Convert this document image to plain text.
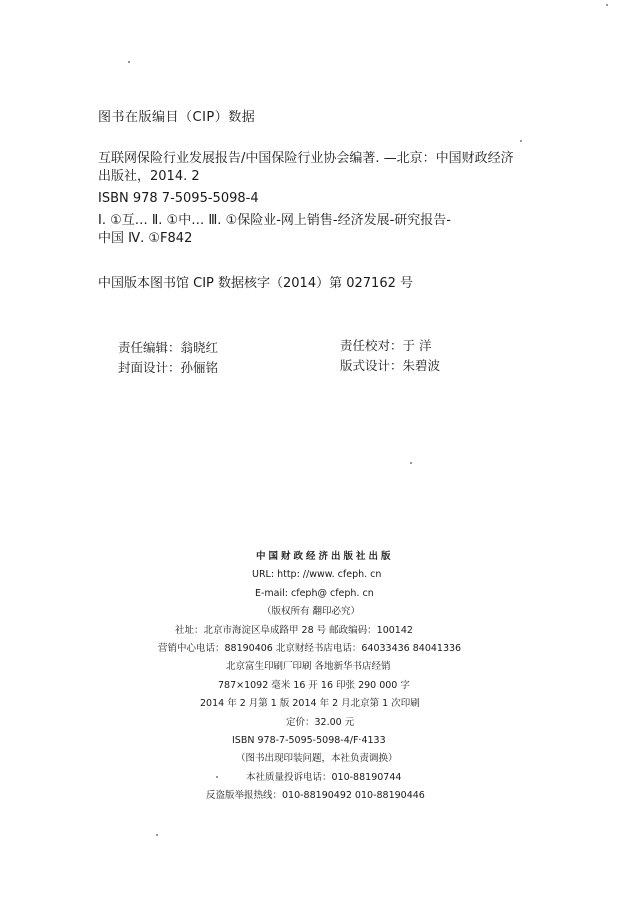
图书在版编目（CIP）数据
互联网保险行业发展报告/中国保险行业协会编著. —北京：中国财政经济
出版社，2014. 2
ISBN 978 7-5095-5098-4
Ⅰ. ①互… Ⅱ. ①中… Ⅲ. ①保险业-网上销售-经济发展-研究报告-
中国 Ⅳ. ①F842
中国版本图书馆 CIP 数据核字（2014）第 027162 号
责任编辑：翁晓红
封面设计：孙俪铭
责任校对：于 洋
版式设计：朱碧波
中国财政经济出版社出版
URL: http: //www. cfeph. cn
E-mail: cfeph@ cfeph. cn
（版权所有 翻印必究）
社址：北京市海淀区阜成路甲 28 号 邮政编码：100142
营销中心电话：88190406 北京财经书店电话：64033436 84041336
北京富生印刷厂印刷 各地新华书店经销
787×1092 毫米 16 开 16 印张 290 000 字
2014 年 2 月第 1 版 2014 年 2 月北京第 1 次印刷
定价：32.00 元
ISBN 978-7-5095-5098-4/F·4133
（图书出现印装问题，本社负责调换）
本社质量投诉电话：010-88190744
反盗版举报热线：010-88190492 010-88190446
